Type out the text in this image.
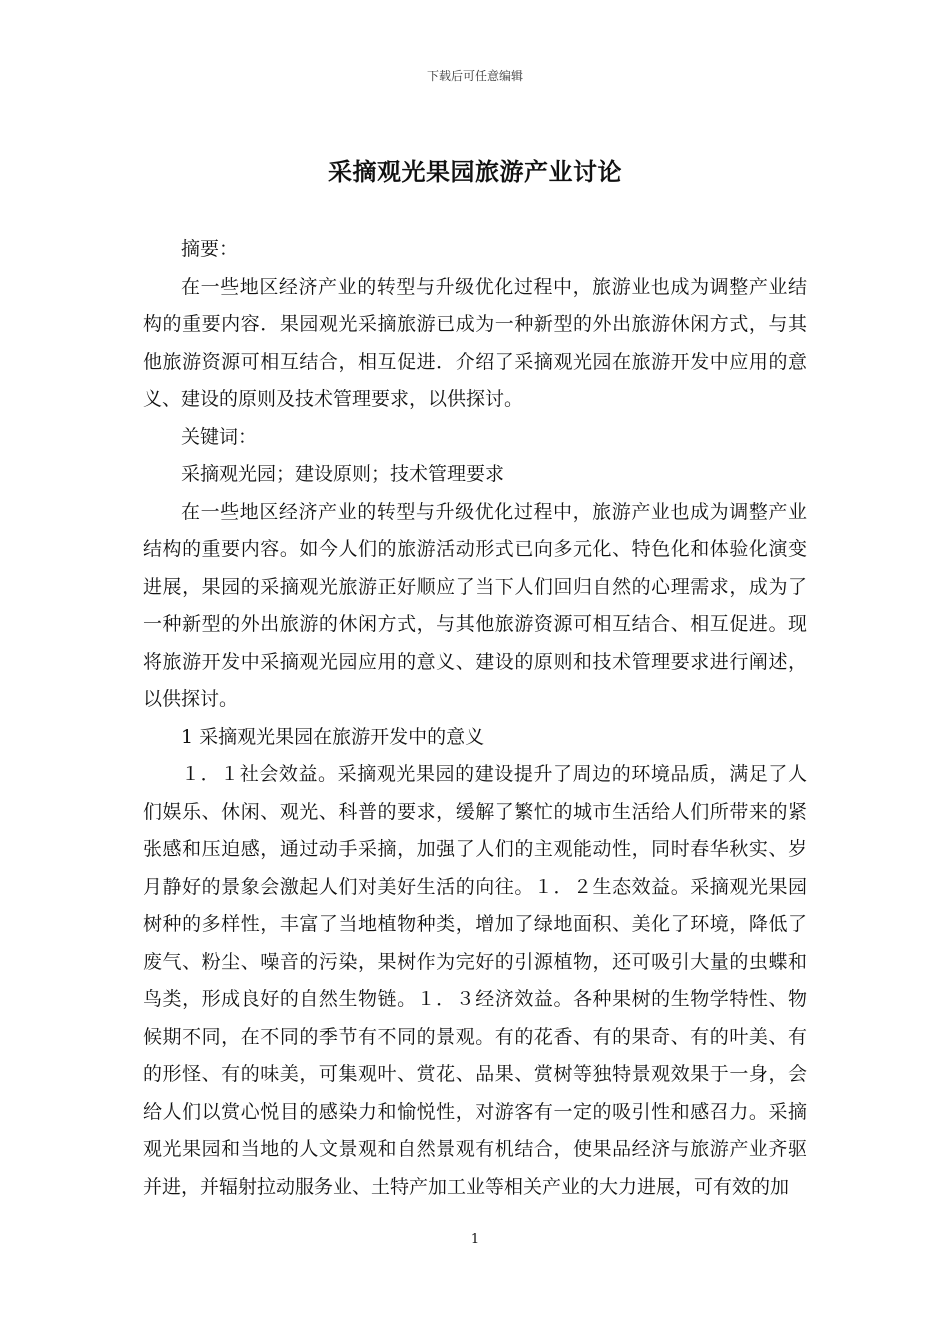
下载后可任意编辑
采摘观光果园旅游产业讨论

摘要：

在一些地区经济产业的转型与升级优化过程中，旅游业也成为调整产业结构的重要内容．果园观光采摘旅游已成为一种新型的外出旅游休闲方式，与其他旅游资源可相互结合，相互促进．介绍了采摘观光园在旅游开发中应用的意义、建设的原则及技术管理要求，以供探讨。

关键词：

采摘观光园；建设原则；技术管理要求

在一些地区经济产业的转型与升级优化过程中，旅游产业也成为调整产业结构的重要内容。如今人们的旅游活动形式已向多元化、特色化和体验化演变进展，果园的采摘观光旅游正好顺应了当下人们回归自然的心理需求，成为了一种新型的外出旅游的休闲方式，与其他旅游资源可相互结合、相互促进。现将旅游开发中采摘观光园应用的意义、建设的原则和技术管理要求进行阐述，以供探讨。

1 采摘观光果园在旅游开发中的意义

１．１社会效益。采摘观光果园的建设提升了周边的环境品质，满足了人们娱乐、休闲、观光、科普的要求，缓解了繁忙的城市生活给人们所带来的紧张感和压迫感，通过动手采摘，加强了人们的主观能动性，同时春华秋实、岁月静好的景象会激起人们对美好生活的向往。１．２生态效益。采摘观光果园树种的多样性，丰富了当地植物种类，增加了绿地面积、美化了环境，降低了废气、粉尘、噪音的污染，果树作为完好的引源植物，还可吸引大量的虫蝶和鸟类，形成良好的自然生物链。１．３经济效益。各种果树的生物学特性、物候期不同，在不同的季节有不同的景观。有的花香、有的果奇、有的叶美、有的形怪、有的味美，可集观叶、赏花、品果、赏树等独特景观效果于一身，会给人们以赏心悦目的感染力和愉悦性，对游客有一定的吸引性和感召力。采摘观光果园和当地的人文景观和自然景观有机结合，使果品经济与旅游产业齐驱并进，并辐射拉动服务业、土特产加工业等相关产业的大力进展，可有效的加

1
